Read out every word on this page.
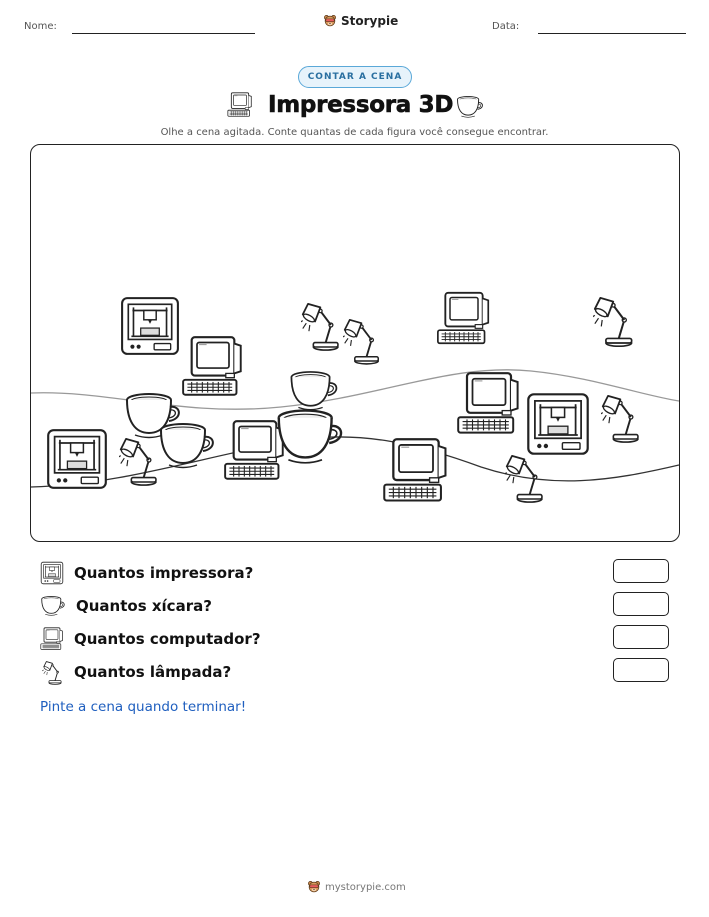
Nome:	Storypie	Data:
CONTAR A CENA
Impressora 3D
Olhe a cena agitada. Conte quantas de cada figura você consegue encontrar.
Quantos impressora?
Quantos xícara?
Quantos computador?
Quantos lâmpada?
Pinte a cena quando terminar!
mystorypie.com
